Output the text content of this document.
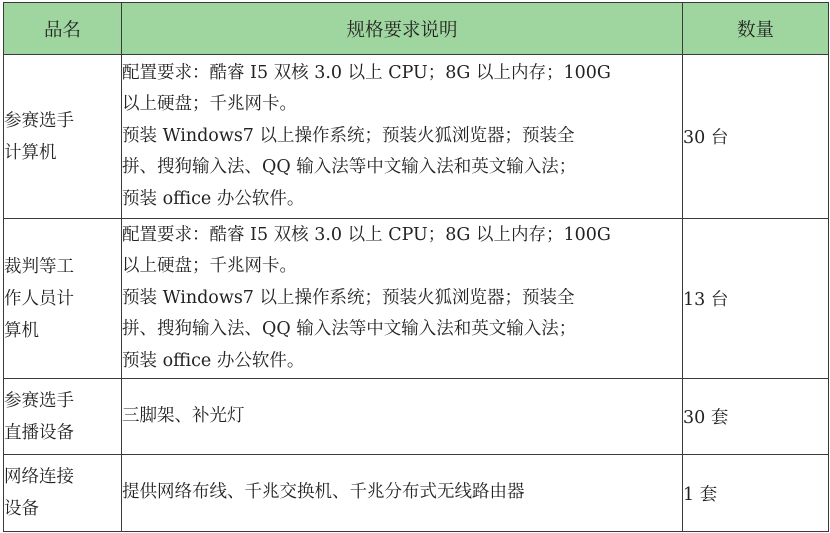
品名	规格要求说明	数量

参赛选手
计算机	配置要求：酷睿 I5 双核 3.0 以上 CPU；8G 以上内存；100G
以上硬盘；千兆网卡。
预装 Windows7 以上操作系统；预装火狐浏览器；预装全
拼、搜狗输入法、QQ 输入法等中文输入法和英文输入法；
预装 office 办公软件。	30 台

裁判等工
作人员计
算机	配置要求：酷睿 I5 双核 3.0 以上 CPU；8G 以上内存；100G
以上硬盘；千兆网卡。
预装 Windows7 以上操作系统；预装火狐浏览器；预装全
拼、搜狗输入法、QQ 输入法等中文输入法和英文输入法；
预装 office 办公软件。	13 台

参赛选手
直播设备	三脚架、补光灯	30 套

网络连接
设备	提供网络布线、千兆交换机、千兆分布式无线路由器	1 套
